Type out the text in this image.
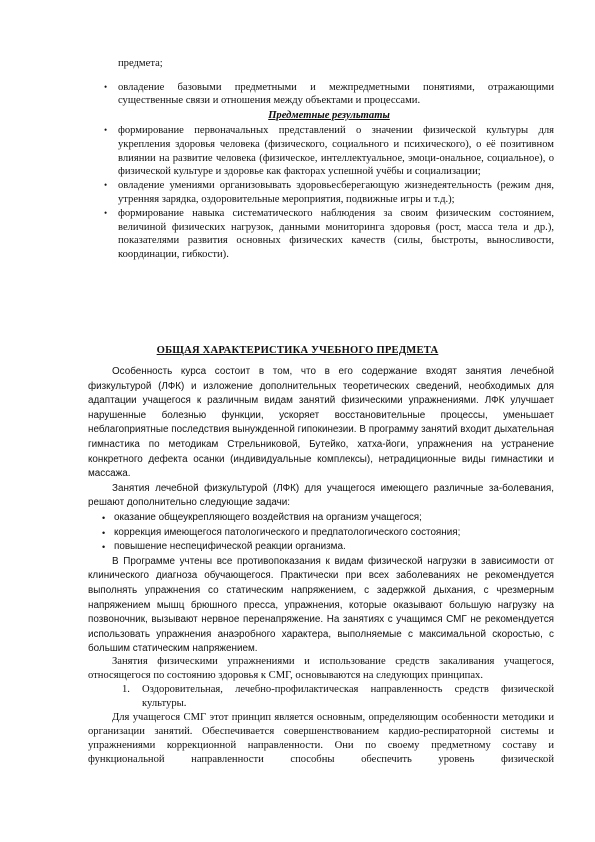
предмета;
• овладение базовыми предметными и межпредметными понятиями, отражающими существенные связи и отношения между объектами и процессами.
Предметные результаты
• формирование первоначальных представлений о значении физической культуры для укрепления здоровья человека (физического, социального и психического), о её позитивном влиянии на развитие человека (физическое, интеллектуальное, эмоци-ональное, социальное), о физической культуре и здоровье как факторах успешной учёбы и социализации;
• овладение умениями организовывать здоровьесберегающую жизнедеятельность (режим дня, утренняя зарядка, оздоровительные мероприятия, подвижные игры и т.д.);
• формирование навыка систематического наблюдения за своим физическим состоянием, величиной физических нагрузок, данными мониторинга здоровья (рост, масса тела и др.), показателями развития основных физических качеств (силы, быстроты, выносливости, координации, гибкости).
ОБЩАЯ ХАРАКТЕРИСТИКА УЧЕБНОГО ПРЕДМЕТА

Особенность курса состоит в том, что в его содержание входят занятия лечебной физкультурой (ЛФК) и изложение дополнительных теоретических сведений, необходимых для адаптации учащегося к различным видам занятий физическими упражнениями. ЛФК улучшает нарушенные болезнью функции, ускоряет восстановительные процессы, уменьшает неблагоприятные последствия вынужденной гипокинезии. В программу занятий входит дыхательная гимнастика по методикам Стрельниковой, Бутейко, хатха-йоги, упражнения на устранение конкретного дефекта осанки (индивидуальные комплексы), нетрадиционные виды гимнастики и массажа.

Занятия лечебной физкультурой (ЛФК) для учащегося имеющего различные за-болевания, решают дополнительно следующие задачи:

• оказание общеукрепляющего воздействия на организм учащегося;
• коррекция имеющегося патологического и предпатологического состояния;
• повышение неспецифической реакции организма.

В Программе учтены все противопоказания к видам физической нагрузки в зависимости от клинического диагноза обучающегося. Практически при всех заболеваниях не рекомендуется выполнять упражнения со статическим напряжением, с задержкой дыхания, с чрезмерным напряжением мышц брюшного пресса, упражнения, которые оказывают большую нагрузку на позвоночник, вызывают нервное перенапряжение. На занятиях с учащимся СМГ не рекомендуется использовать упражнения анаэробного характера, выполняемые с максимальной скоростью, с большим статическим напряжением.

Занятия физическими упражнениями и использование средств закаливания учащегося, относящегося по состоянию здоровья к СМГ, основываются на следующих принципах.

1. Оздоровительная, лечебно-профилактическая направленность средств физической культуры.

Для учащегося СМГ этот принцип является основным, определяющим особенности методики и организации занятий. Обеспечивается совершенствованием кардио-респираторной системы и упражнениями коррекционной направленности. Они по своему предметному составу и функциональной направленности способны обеспечить уровень физической
